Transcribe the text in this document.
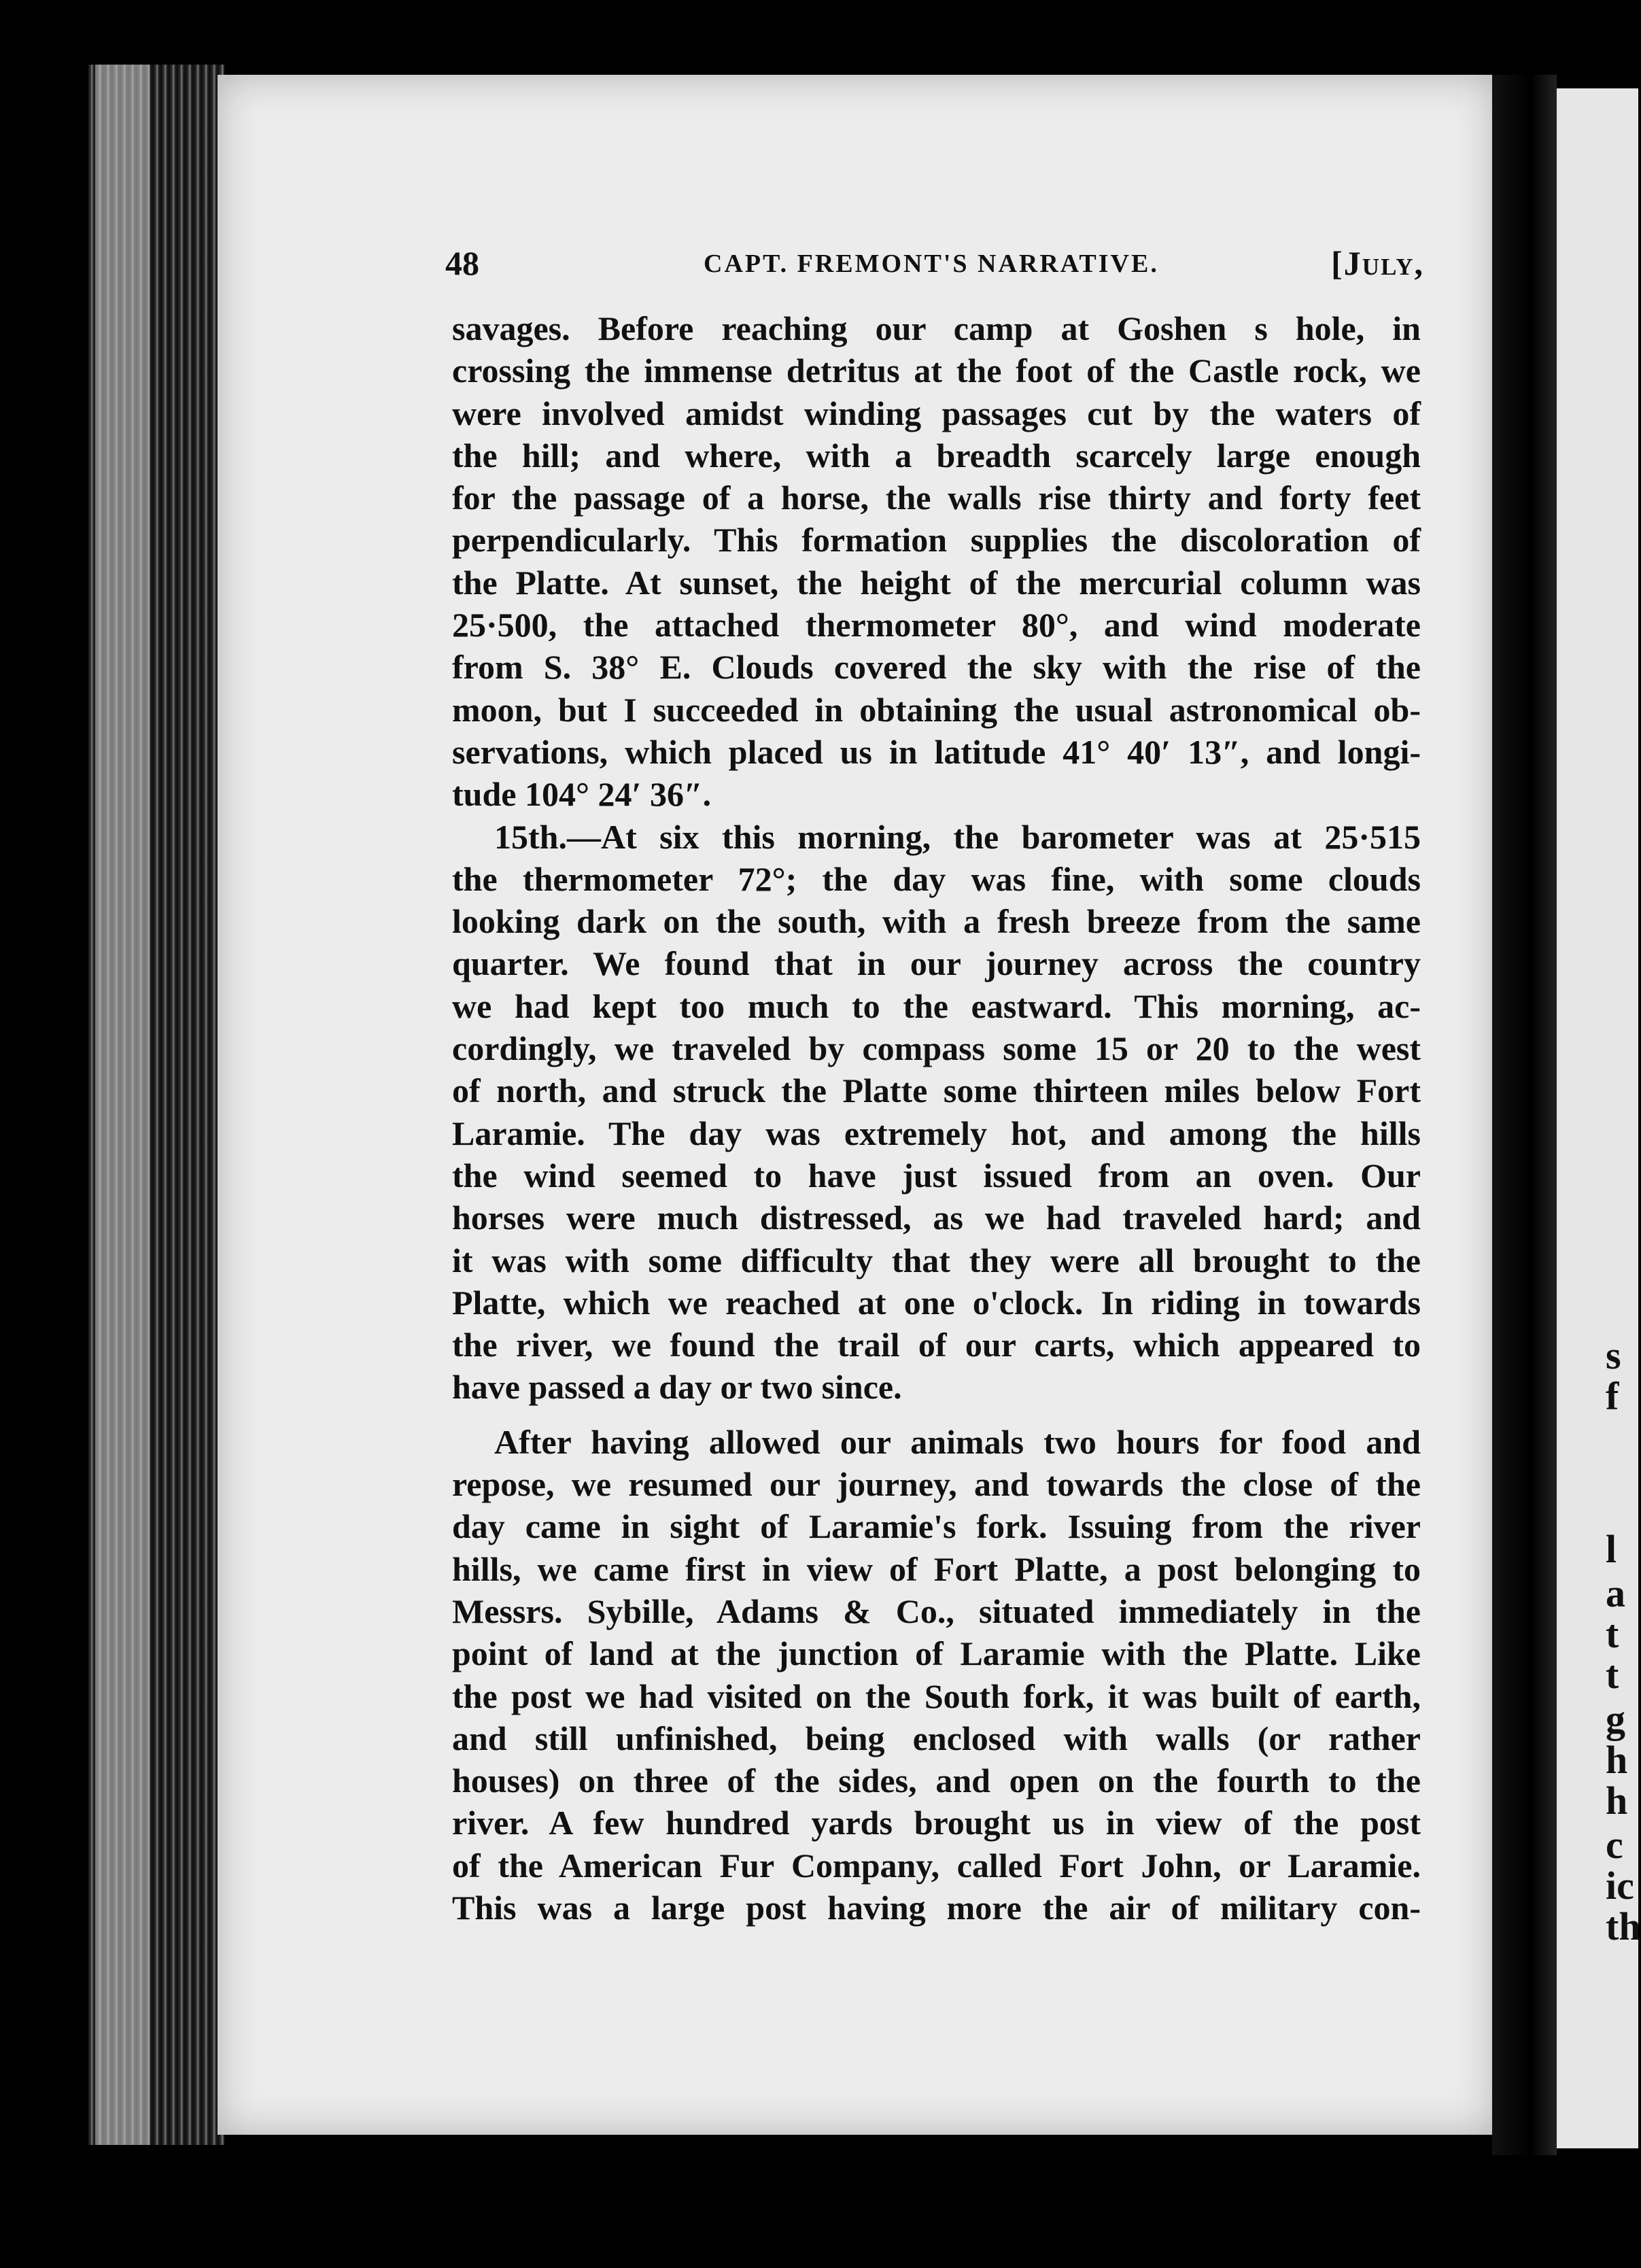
s
f
l
a
t
t
g
h
h
c
ic
th
48	CAPT. FREMONT'S NARRATIVE.	[July,
savages. Before reaching our camp at Goshen s hole, in
crossing the immense detritus at the foot of the Castle rock, we
were involved amidst winding passages cut by the waters of
the hill; and where, with a breadth scarcely large enough
for the passage of a horse, the walls rise thirty and forty feet
perpendicularly. This formation supplies the discoloration of
the Platte. At sunset, the height of the mercurial column was
25·500, the attached thermometer 80°, and wind moderate
from S. 38° E. Clouds covered the sky with the rise of the
moon, but I succeeded in obtaining the usual astronomical ob-
servations, which placed us in latitude 41° 40′ 13″, and longi-
tude 104° 24′ 36″.
15th.—At six this morning, the barometer was at 25·515
the thermometer 72°; the day was fine, with some clouds
looking dark on the south, with a fresh breeze from the same
quarter. We found that in our journey across the country
we had kept too much to the eastward. This morning, ac-
cordingly, we traveled by compass some 15 or 20 to the west
of north, and struck the Platte some thirteen miles below Fort
Laramie. The day was extremely hot, and among the hills
the wind seemed to have just issued from an oven. Our
horses were much distressed, as we had traveled hard; and
it was with some difficulty that they were all brought to the
Platte, which we reached at one o'clock. In riding in towards
the river, we found the trail of our carts, which appeared to
have passed a day or two since.
After having allowed our animals two hours for food and
repose, we resumed our journey, and towards the close of the
day came in sight of Laramie's fork. Issuing from the river
hills, we came first in view of Fort Platte, a post belonging to
Messrs. Sybille, Adams & Co., situated immediately in the
point of land at the junction of Laramie with the Platte. Like
the post we had visited on the South fork, it was built of earth,
and still unfinished, being enclosed with walls (or rather
houses) on three of the sides, and open on the fourth to the
river. A few hundred yards brought us in view of the post
of the American Fur Company, called Fort John, or Laramie.
This was a large post having more the air of military con-
